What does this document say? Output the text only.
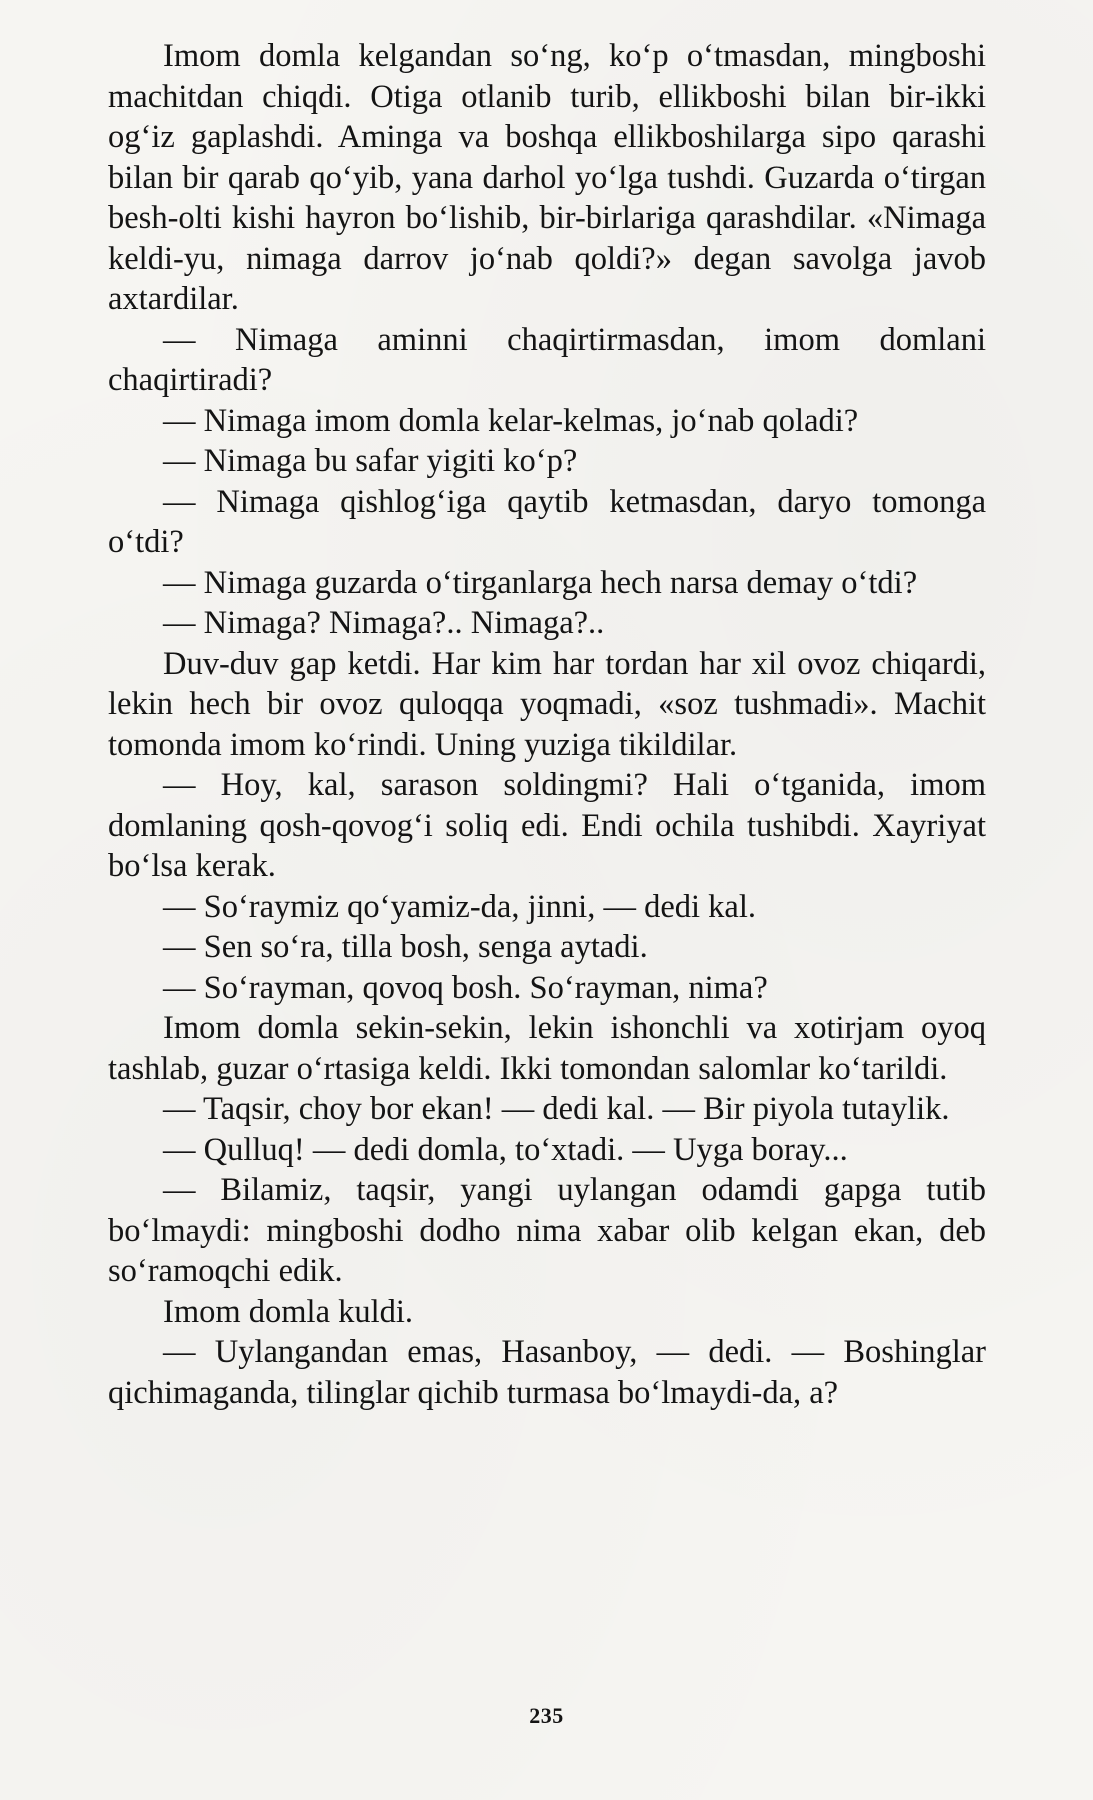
Imom domla kelgandan so‘ng, ko‘p o‘tmasdan, mingboshi machitdan chiqdi. Otiga otlanib turib, ellikboshi bilan bir-ikki og‘iz gaplashdi. Aminga va boshqa ellikboshilarga sipo qarashi bilan bir qarab qo‘yib, yana darhol yo‘lga tushdi. Guzarda o‘tirgan besh-olti kishi hayron bo‘lishib, bir-birlariga qarashdilar. «Nimaga keldi-yu, nimaga darrov jo‘nab qoldi?» degan savolga javob axtardilar.

— Nimaga aminni chaqirtirmasdan, imom domlani chaqirtiradi?

— Nimaga imom domla kelar-kelmas, jo‘nab qoladi?

— Nimaga bu safar yigiti ko‘p?

— Nimaga qishlog‘iga qaytib ketmasdan, daryo tomonga o‘tdi?

— Nimaga guzarda o‘tirganlarga hech narsa demay o‘tdi?

— Nimaga? Nimaga?.. Nimaga?..

Duv-duv gap ketdi. Har kim har tordan har xil ovoz chiqardi, lekin hech bir ovoz quloqqa yoqmadi, «soz tushmadi». Machit tomonda imom ko‘rindi. Uning yuziga tikildilar.

— Hoy, kal, sarason soldingmi? Hali o‘tganida, imom domlaning qosh-qovog‘i soliq edi. Endi ochila tushibdi. Xayriyat bo‘lsa kerak.

— So‘raymiz qo‘yamiz-da, jinni, — dedi kal.

— Sen so‘ra, tilla bosh, senga aytadi.

— So‘rayman, qovoq bosh. So‘rayman, nima?

Imom domla sekin-sekin, lekin ishonchli va xotirjam oyoq tashlab, guzar o‘rtasiga keldi. Ikki tomondan salomlar ko‘tarildi.

— Taqsir, choy bor ekan! — dedi kal. — Bir piyola tutaylik.

— Qulluq! — dedi domla, to‘xtadi. — Uyga boray...

— Bilamiz, taqsir, yangi uylangan odamdi gapga tutib bo‘lmaydi: mingboshi dodho nima xabar olib kelgan ekan, deb so‘ramoqchi edik.

Imom domla kuldi.

— Uylangandan emas, Hasanboy, — dedi. — Boshinglar qichimaganda, tilinglar qichib turmasa bo‘lmaydi-da, a?

235
